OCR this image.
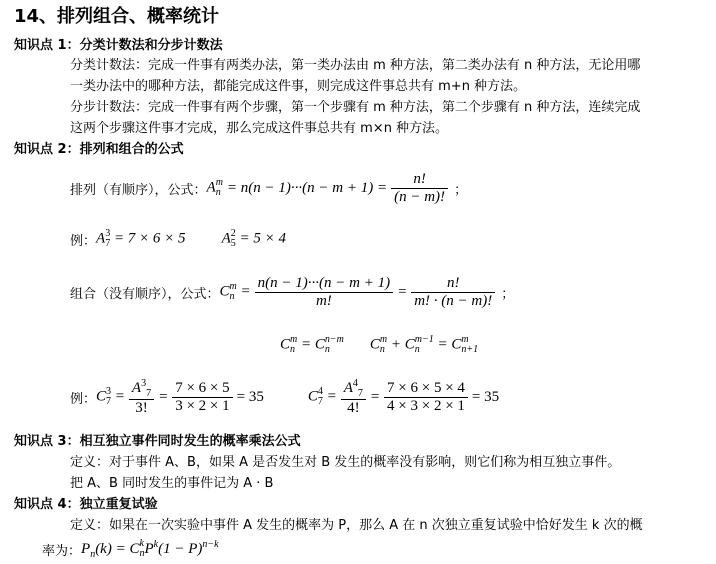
14、排列组合、概率统计
知识点 1：分类计数法和分步计数法
分类计数法：完成一件事有两类办法，第一类办法由 m 种方法，第二类办法有 n 种方法，无论用哪
一类办法中的哪种方法，都能完成这件事，则完成这件事总共有 m+n 种方法。
分步计数法：完成一件事有两个步骤，第一个步骤有 m 种方法，第二个步骤有 n 种方法，连续完成
这两个步骤这件事才完成，那么完成这件事总共有 m×n 种方法。
知识点 2：排列和组合的公式
排列（有顺序），公式： A m
$n = n(n - 1)\cdot\cdot\cdot(n - m + 1) = \frac{n!}{(n - m)!}$ ；
例： A 3
7 = 7 × 6 × 5 A 2
5 = 5 × 4
组合（没有顺序），公式： C m
$n = \frac{n(n - 1)\cdot\cdot\cdot(n - m + 1)}{m!} = \frac{n!}{m! \cdot (n - m)!}$ ；
C m
n = C n−m
n	C m
n + C m−1
n = C m
n+1
例： C 3
$7 = \frac{A^3_7}{3!} = \frac{7 \times 6 \times 5}{3 \times 2 \times 1} = 35$	C 4
$7 = \frac{A^4_7}{4!} = \frac{7 \times 6 \times 5 \times 4}{4 \times 3 \times 2 \times 1} = 35$
知识点 3：相互独立事件同时发生的概率乘法公式
定义：对于事件 A、B，如果 A 是否发生对 B 发生的概率没有影响，则它们称为相互独立事件。
把 A、B 同时发生的事件记为 A · B
知识点 4：独立重复试验
定义：如果在一次实验中事件 A 发生的概率为 P，那么 A 在 n 次独立重复试验中恰好发生 k 次的概
率为： $P_n(k) = C$ k
n $P^k(1 - P)^{n-k}$
